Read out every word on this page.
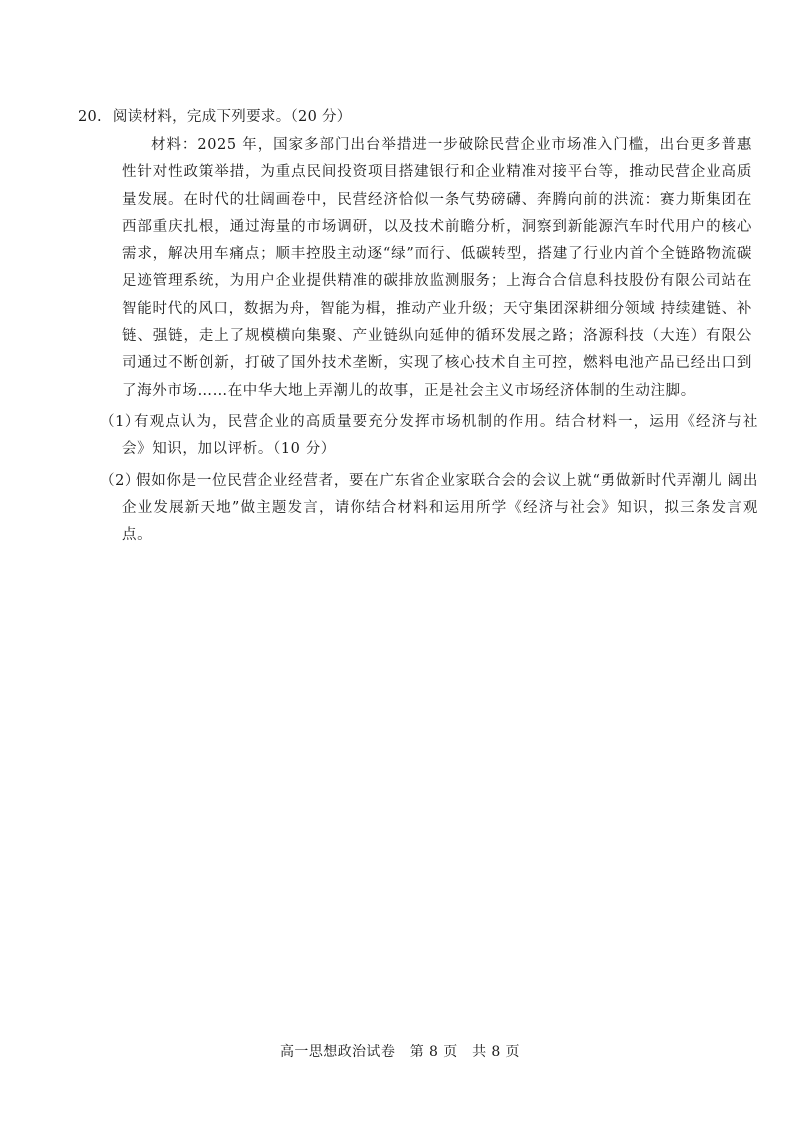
20. 阅读材料，完成下列要求。（20 分）
材料：2025 年，国家多部门出台举措进一步破除民营企业市场准入门槛，出台更多普惠性针对性政策举措，为重点民间投资项目搭建银行和企业精准对接平台等，推动民营企业高质量发展。在时代的壮阔画卷中，民营经济恰似一条气势磅礴、奔腾向前的洪流：赛力斯集团在西部重庆扎根，通过海量的市场调研，以及技术前瞻分析，洞察到新能源汽车时代用户的核心需求，解决用车痛点；顺丰控股主动逐“绿”而行、低碳转型，搭建了行业内首个全链路物流碳足迹管理系统，为用户企业提供精准的碳排放监测服务；上海合合信息科技股份有限公司站在智能时代的风口，数据为舟，智能为楫，推动产业升级；天守集团深耕细分领域 持续建链、补链、强链，走上了规模横向集聚、产业链纵向延伸的循环发展之路；洛源科技（大连）有限公司通过不断创新，打破了国外技术垄断，实现了核心技术自主可控，燃料电池产品已经出口到了海外市场……在中华大地上弄潮儿的故事，正是社会主义市场经济体制的生动注脚。
（1）
有观点认为，民营企业的高质量要充分发挥市场机制的作用。结合材料一，运用《经济与社会》知识，加以评析。（10 分）
（2）
假如你是一位民营企业经营者，要在广东省企业家联合会的会议上就“勇做新时代弄潮儿 阔出企业发展新天地”做主题发言，请你结合材料和运用所学《经济与社会》知识，拟三条发言观点。
高一思想政治试卷   第 8 页   共 8 页
